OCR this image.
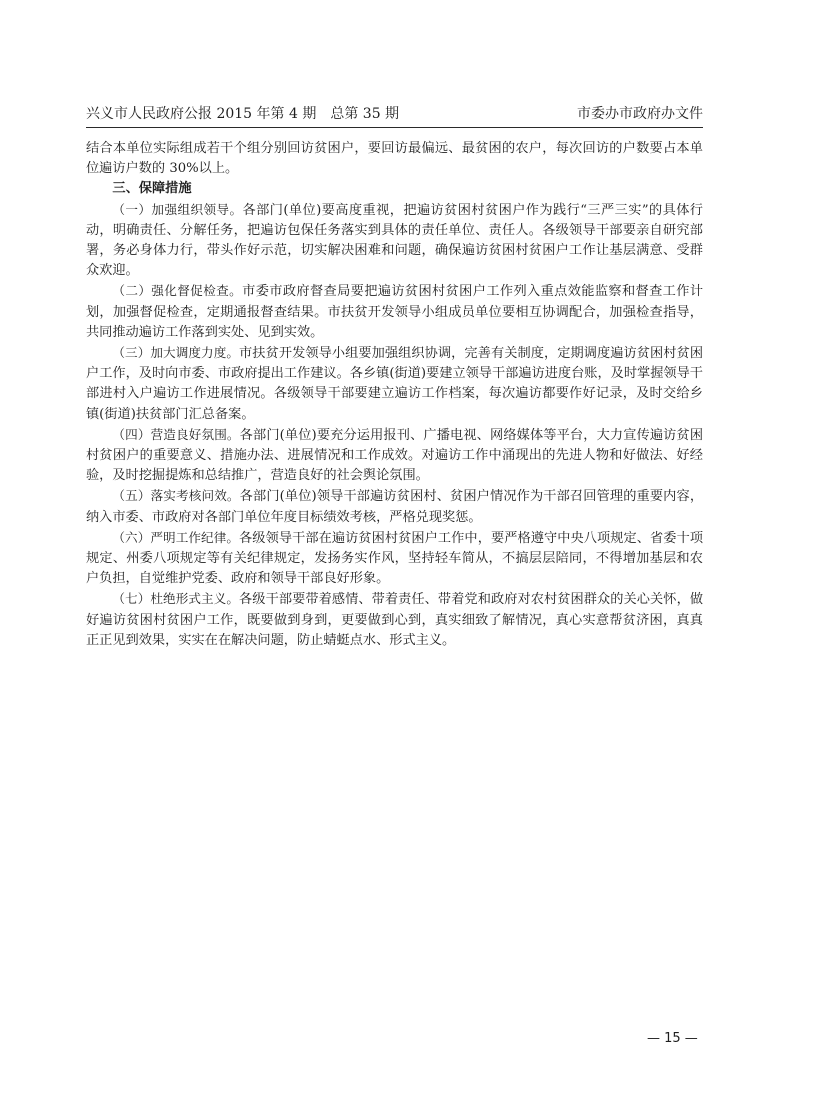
兴义市人民政府公报 2015 年第 4 期　总第 35 期	市委办市政府办文件

结合本单位实际组成若干个组分别回访贫困户，要回访最偏远、最贫困的农户，每次回访的户数要占本单位遍访户数的 30%以上。

三、保障措施

（一）加强组织领导。各部门(单位)要高度重视，把遍访贫困村贫困户作为践行“三严三实”的具体行动，明确责任、分解任务，把遍访包保任务落实到具体的责任单位、责任人。各级领导干部要亲自研究部署，务必身体力行，带头作好示范，切实解决困难和问题，确保遍访贫困村贫困户工作让基层满意、受群众欢迎。

（二）强化督促检查。市委市政府督查局要把遍访贫困村贫困户工作列入重点效能监察和督查工作计划，加强督促检查，定期通报督查结果。市扶贫开发领导小组成员单位要相互协调配合，加强检查指导，共同推动遍访工作落到实处、见到实效。

（三）加大调度力度。市扶贫开发领导小组要加强组织协调，完善有关制度，定期调度遍访贫困村贫困户工作，及时向市委、市政府提出工作建议。各乡镇(街道)要建立领导干部遍访进度台账，及时掌握领导干部进村入户遍访工作进展情况。各级领导干部要建立遍访工作档案，每次遍访都要作好记录，及时交给乡镇(街道)扶贫部门汇总备案。

（四）营造良好氛围。各部门(单位)要充分运用报刊、广播电视、网络媒体等平台，大力宣传遍访贫困村贫困户的重要意义、措施办法、进展情况和工作成效。对遍访工作中涌现出的先进人物和好做法、好经验，及时挖掘提炼和总结推广，营造良好的社会舆论氛围。

（五）落实考核问效。各部门(单位)领导干部遍访贫困村、贫困户情况作为干部召回管理的重要内容，纳入市委、市政府对各部门单位年度目标绩效考核，严格兑现奖惩。

（六）严明工作纪律。各级领导干部在遍访贫困村贫困户工作中，要严格遵守中央八项规定、省委十项规定、州委八项规定等有关纪律规定，发扬务实作风，坚持轻车简从，不搞层层陪同，不得增加基层和农户负担，自觉维护党委、政府和领导干部良好形象。

（七）杜绝形式主义。各级干部要带着感情、带着责任、带着党和政府对农村贫困群众的关心关怀，做好遍访贫困村贫困户工作，既要做到身到，更要做到心到，真实细致了解情况，真心实意帮贫济困，真真正正见到效果，实实在在解决问题，防止蜻蜓点水、形式主义。

— 15 —
